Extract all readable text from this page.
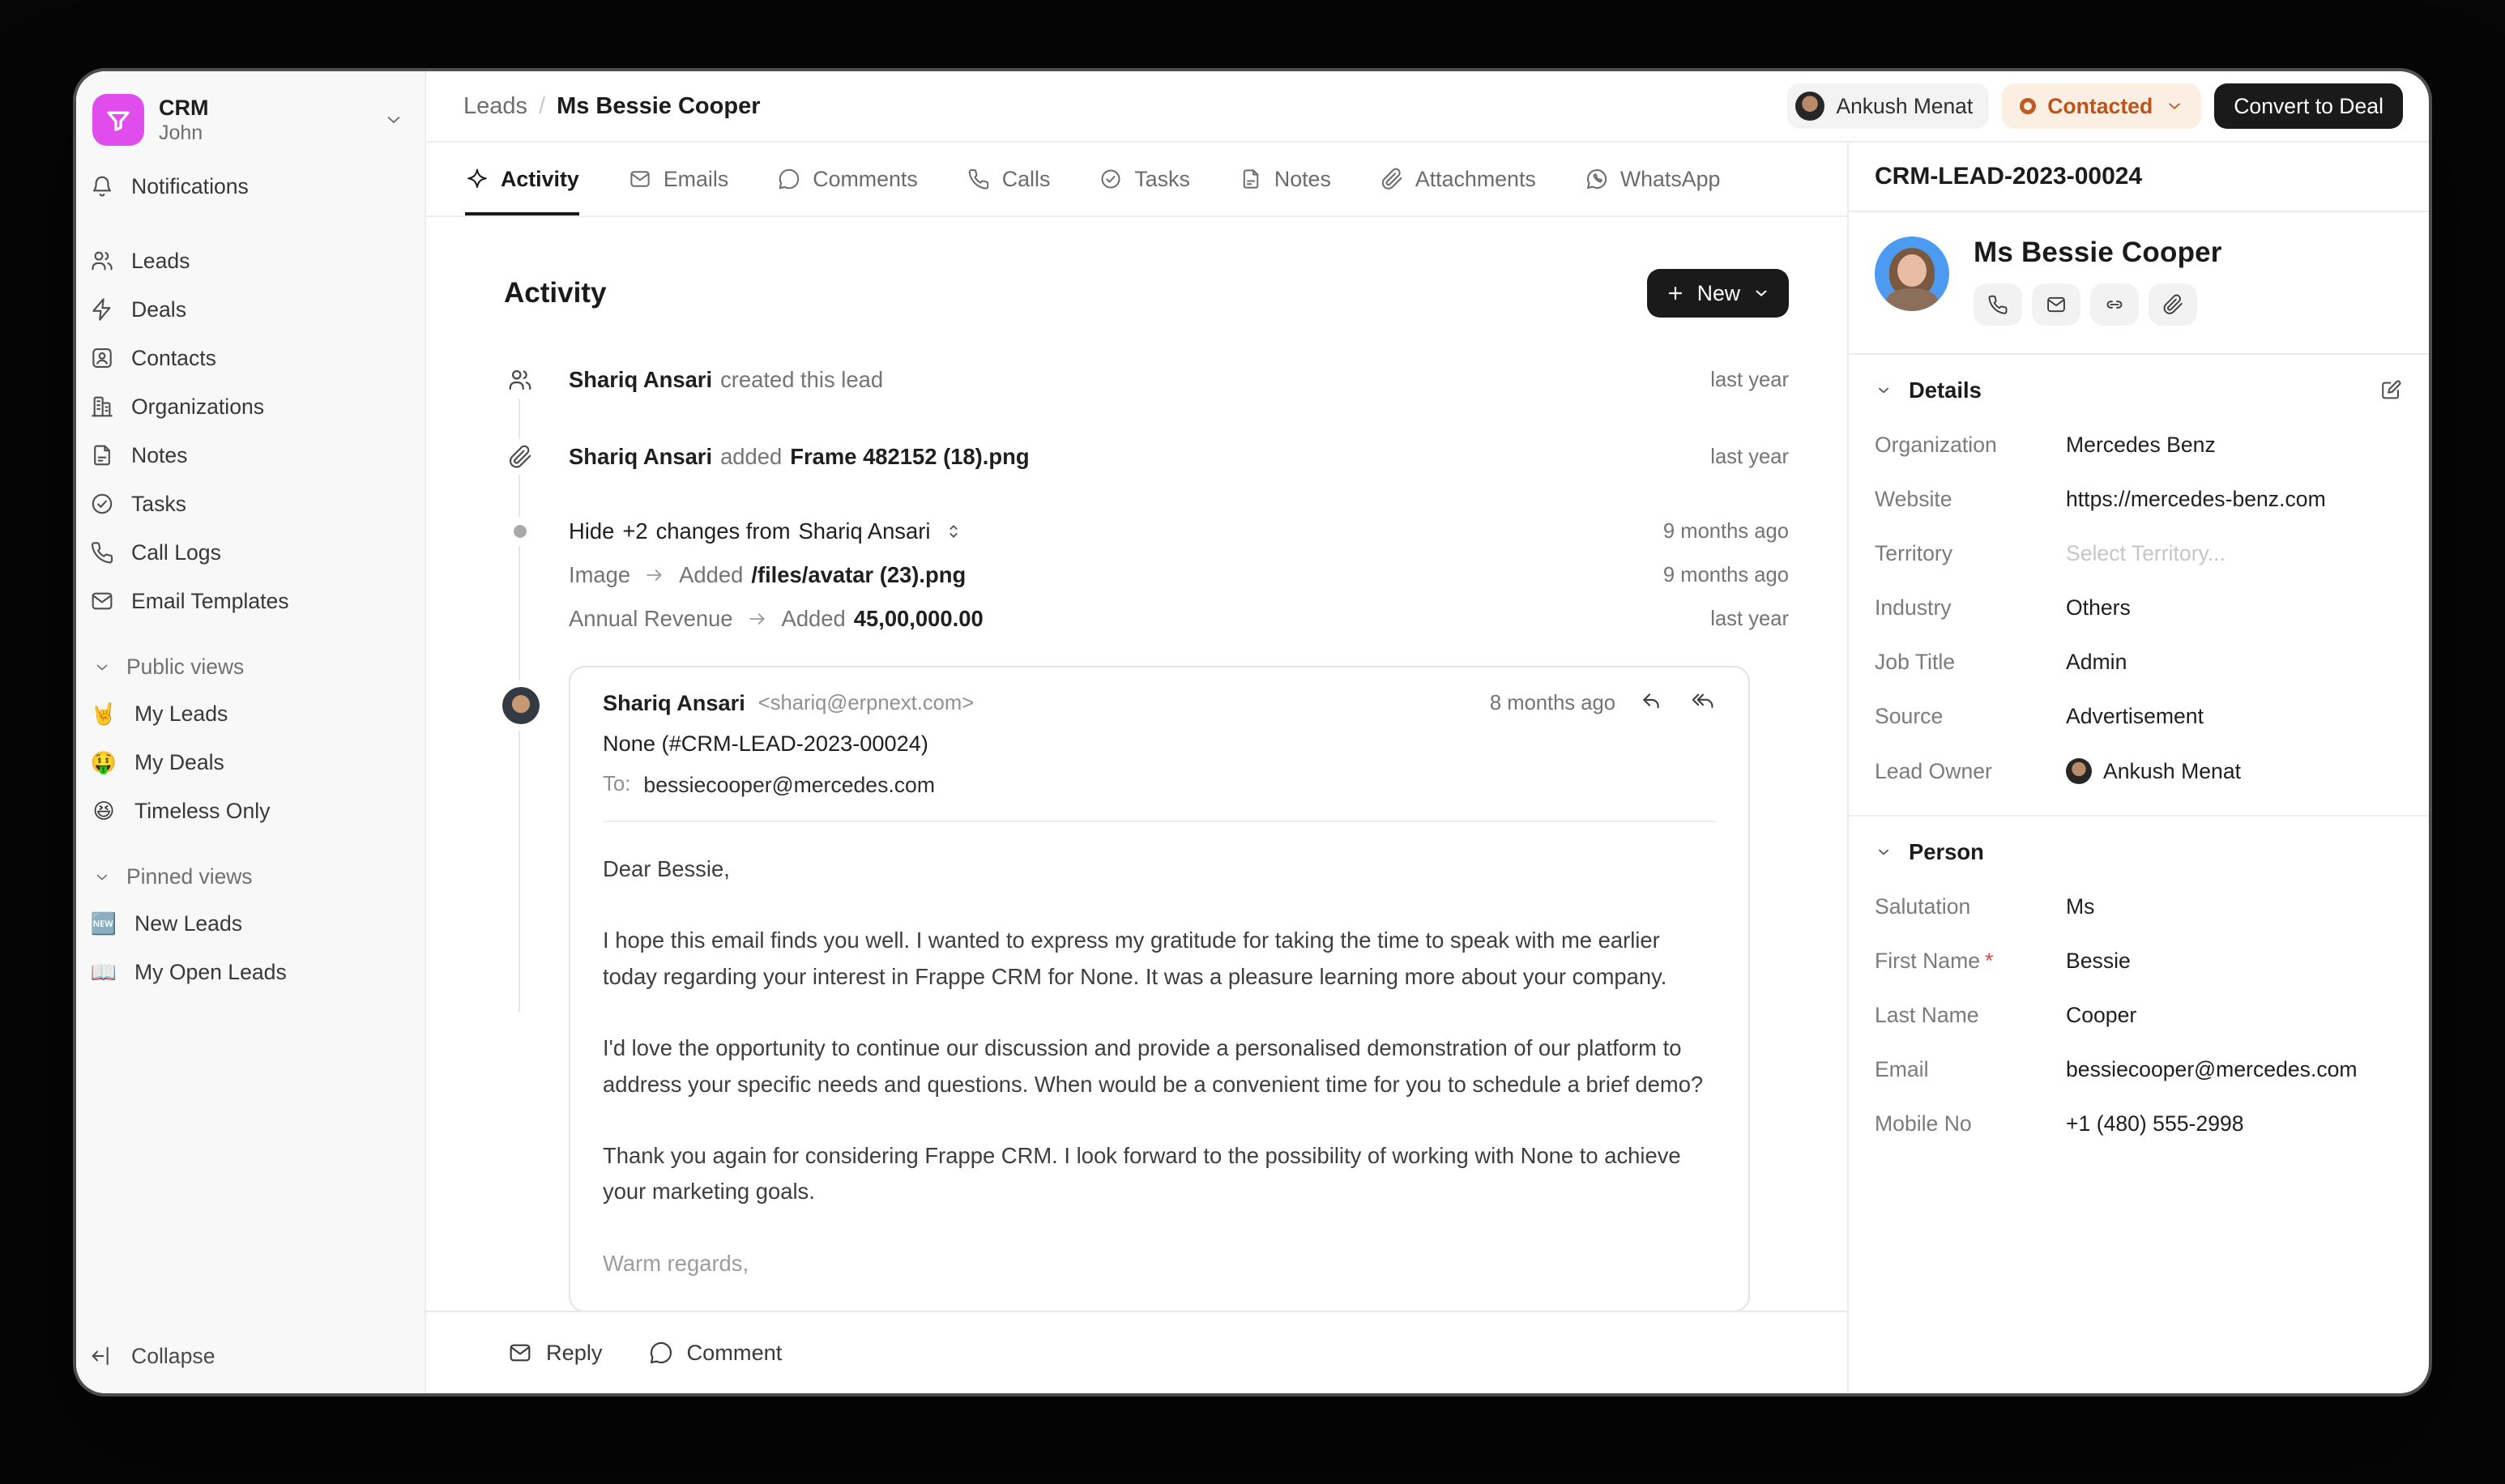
CRM
John
Notifications
Leads
Deals
Contacts
Organizations
Notes
Tasks
Call Logs
Email Templates
Public views
🤘 My Leads
🤑 My Deals
😆	Timeless Only
Pinned views
🆕 New Leads
📖 My Open Leads
Collapse
Leads / Ms Bessie Cooper	Ankush Menat	Contacted	Convert to Deal
Activity	Emails	Comments	Calls	Tasks	Notes	Attachments	WhatsApp
Activity	New
Shariq Ansari created this lead	last year
Shariq Ansari added Frame 482152 (18).png	last year
Hide +2 changes from Shariq Ansari	9 months ago
Image	Added /files/avatar (23).png	9 months ago
Annual Revenue	Added 45,00,000.00	last year
Shariq Ansari <shariq@erpnext.com>	8 months ago
None (#CRM-LEAD-2023-00024)
To: bessiecooper@mercedes.com

Dear Bessie,

I hope this email finds you well. I wanted to express my gratitude for taking the time to speak with me earlier today regarding your interest in Frappe CRM for None. It was a pleasure learning more about your company.

I'd love the opportunity to continue our discussion and provide a personalised demonstration of our platform to address your specific needs and questions. When would be a convenient time for you to schedule a brief demo?

Thank you again for considering Frappe CRM. I look forward to the possibility of working with None to achieve your marketing goals.

Warm regards,

Reply	Comment
CRM-LEAD-2023-00024
Ms Bessie Cooper
Details
Organization	Mercedes Benz
Website	https://mercedes-benz.com
Territory	Select Territory...
Industry	Others
Job Title	Admin
Source	Advertisement
Lead Owner	Ankush Menat
Person
Salutation	Ms
First Name *	Bessie
Last Name	Cooper
Email	bessiecooper@mercedes.com
Mobile No	+1 (480) 555-2998
